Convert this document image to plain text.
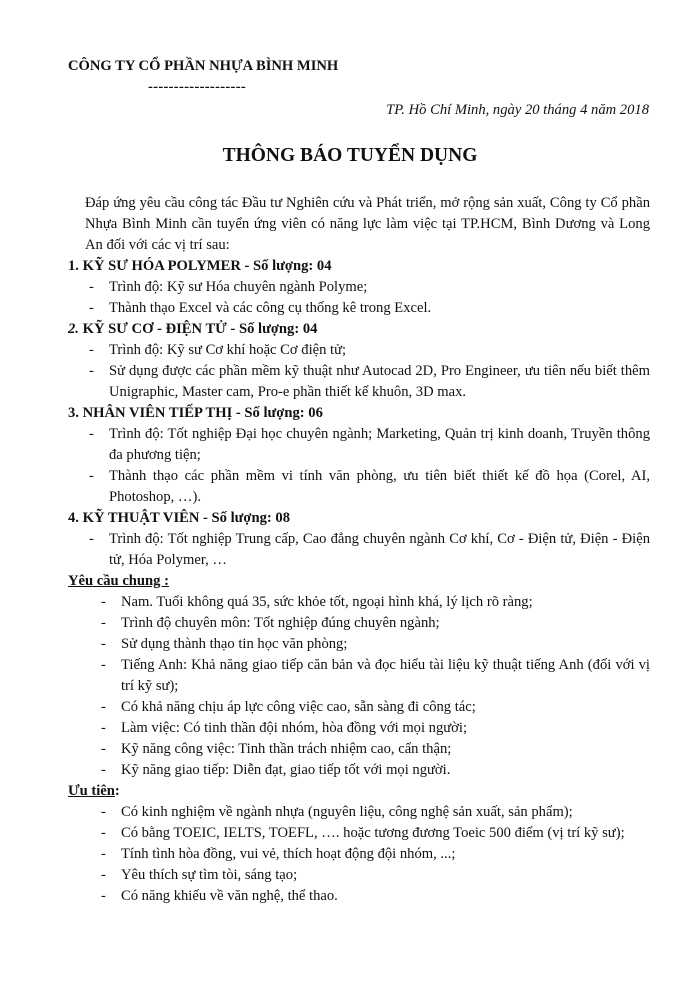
CÔNG TY CỔ PHẦN NHỰA BÌNH MINH
-------------------
TP. Hồ Chí Minh, ngày 20 tháng 4 năm 2018
THÔNG BÁO TUYỂN DỤNG

Đáp ứng yêu cầu công tác Đầu tư Nghiên cứu và Phát triển, mở rộng sản xuất, Công ty Cổ phần Nhựa Bình Minh cần tuyển ứng viên có năng lực làm việc tại TP.HCM, Bình Dương và Long An đối với các vị trí sau:

1. KỸ SƯ HÓA POLYMER - Số lượng: 04

- Trình độ: Kỹ sư Hóa chuyên ngành Polyme;
- Thành thạo Excel và các công cụ thống kê trong Excel.

2. KỸ SƯ CƠ - ĐIỆN TỬ - Số lượng: 04

- Trình độ: Kỹ sư Cơ khí hoặc Cơ điện tử;
- Sử dụng được các phần mềm kỹ thuật như Autocad 2D, Pro Engineer, ưu tiên nếu biết thêm Unigraphic, Master cam, Pro-e phần thiết kế khuôn, 3D max.

3. NHÂN VIÊN TIẾP THỊ - Số lượng: 06

- Trình độ: Tốt nghiệp Đại học chuyên ngành; Marketing, Quản trị kinh doanh, Truyền thông đa phương tiện;
- Thành thạo các phần mềm vi tính văn phòng, ưu tiên biết thiết kế đồ họa (Corel, AI, Photoshop, …).

4. KỸ THUẬT VIÊN - Số lượng: 08

- Trình độ: Tốt nghiệp Trung cấp, Cao đẳng chuyên ngành Cơ khí, Cơ - Điện tử, Điện - Điện tử, Hóa Polymer, …

Yêu cầu chung :

- Nam. Tuổi không quá 35, sức khỏe tốt, ngoại hình khá, lý lịch rõ ràng;
- Trình độ chuyên môn: Tốt nghiệp đúng chuyên ngành;
- Sử dụng thành thạo tin học văn phòng;
- Tiếng Anh: Khả năng giao tiếp căn bản và đọc hiểu tài liệu kỹ thuật tiếng Anh (đối với vị trí kỹ sư);
- Có khả năng chịu áp lực công việc cao, sẵn sàng đi công tác;
- Làm việc: Có tinh thần đội nhóm, hòa đồng với mọi người;
- Kỹ năng công việc: Tinh thần trách nhiệm cao, cẩn thận;
- Kỹ năng giao tiếp: Diễn đạt, giao tiếp tốt với mọi người.

Ưu tiên:

- Có kinh nghiệm về ngành nhựa (nguyên liệu, công nghệ sản xuất, sản phẩm);
- Có bằng TOEIC, IELTS, TOEFL, …. hoặc tương đương Toeic 500 điểm (vị trí kỹ sư);
- Tính tình hòa đồng, vui vẻ, thích hoạt động đội nhóm, ...;
- Yêu thích sự tìm tòi, sáng tạo;
- Có năng khiếu về văn nghệ, thể thao.
